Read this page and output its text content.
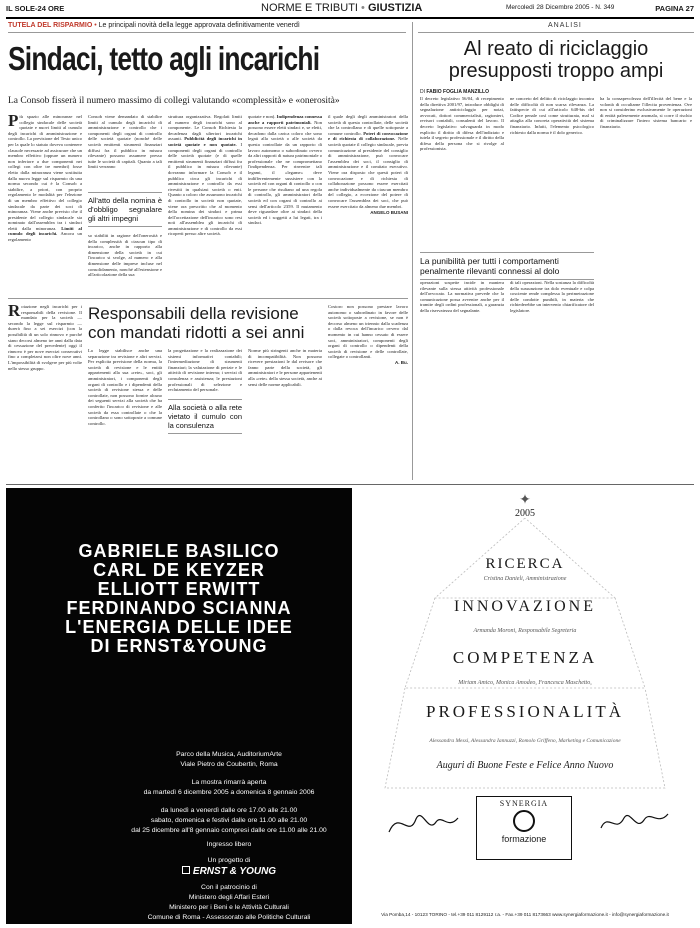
IL SOLE-24 ORE	NORME E TRIBUTI • GIUSTIZIA	Mercoledì 28 Dicembre 2005 - N. 349	PAGINA 27
TUTELA DEL RISPARMIO • Le principali novità della legge approvata definitivamente venerdì
Sindaci, tetto agli incarichi
La Consob fisserà il numero massimo di collegi valutando «complessità» e «onerosità»
Più spazio alle minoranze nel collegio sindacale delle società quotate e nuovi limiti al cumulo degli incarichi di amministrazione e controllo. La previsione del Testo unico per la quale lo statuto doveva contenere clausole necessarie ad assicurare che un membro effettivo (oppure un numero non inferiore a due componenti nei collegi con oltre tre membri) fosse eletto dalla minoranza viene sostituita dalla nuova legge sul risparmio da una norma secondo cui è la Consob a stabilire, a priori, con proprio regolamento le modalità per l'elezione di un membro effettivo del collegio sindacale da parte dei soci di minoranza. Viene anche previsto che il presidente del collegio sindacale sia nominato dall'assemblea tra i sindaci eletti dalla minoranza. Limiti al cumulo degli incarichi. Ancora un regolamento
Consob viene demandato di stabilire limiti al cumulo degli incarichi di amministrazione e controllo che i componenti degli organi di controllo delle società quotate (nonché delle società emittenti strumenti finanziari diffusi fra il pubblico in misura rilevante) possono assumere presso tutte le società di capitali. Quanto a tali limiti verranno
All'atto della nomina è d'obbligo segnalare gli altri impegni
so stabiliti in ragione dell'onerosità e della complessità di ciascun tipo di incarico, anche in rapporto alla dimensione della società in cui l'incarico si svolge, al numero e alla dimensione delle imprese incluse nel consolidamento, nonché all'estensione e all'articolazione della sua
struttura organizzativa. Regolati limiti al numero degli incarichi sono al componente. Le Consob Richiesta la decadenza dagli ulteriori incarichi assunti. Pubblicità degli incarichi in società quotate e non quotate. I componenti degli organi di controllo delle società quotate (e di quelle emittenti strumenti finanziari diffusi fra il pubblico in misura rilevante) dovranno informare la Consob e il pubblico circa gli incarichi di amministrazione e controllo da essi rivestiti in qualsiasi società o enti. Quanto a coloro che assumono incarichi di controllo in società non quotate, viene ora prescritto che al momento della nomina dei sindaci e prima dell'accettazione dell'incarico sono resi noti all'assemblea gli incarichi di amministrazione e di controllo da essi ricoperti presso altre società.
quotate e non). Indipendenza connessa anche a rapporti patrimoniali. Non possono essere eletti sindaci e, se eletti, decadono dalla carica coloro che sono legati alla società o alle società da questa controllate da un rapporto di lavoro autonomo o subordinato ovvero da altri rapporti di natura patrimoniale o professionale che ne compromettano l'indipendenza. Per rinvenire tali legami, il «legame» deve indifferentemente sussistere con la società ed con organi di controllo o con le persone che risultano ad una regola di controllo, gli amministratori della società ed con organi di controllo ai sensi dell'articolo 2359. Il mutamento deve riguardare oltre ai sindaci della società ed i soggetti a lui legati, tra i sindaci.
il quale degli degli amministratori della società di questa controllate, delle società che la controllano e di quelle sottoposte a comune controllo. Poteri di convocazione e di richiesta di collaborazione. Nelle società quotate il collegio sindacale, previa comunicazione al presidente del consiglio di amministrazione, può convocare l'assemblea dei soci, il consiglio di amministrazione e il comitato esecutivo. Viene ora disposto che questi poteri di convocazione e di richiesta di collaborazione possono essere esercitati anche individualmente da ciascun membro del collegio, a eccezione del potere di convocare l'assemblea dei soci, che può essere esercitato da almeno due membri.
ANGELO BUSANI
Rotazione negli incarichi per i responsabili della revisione. Il mandato per la società — secondo la legge sul risparmio — durerà fino a sei esercizi (con la possibilità di un solo rinnovo e purché siano decorsi almeno tre anni dalla data di cessazione del precedente) oggi il rinnovo è per nove esercizi consecutivi fino a completarsi non oltre nove anni. L'impossibilità di svolgere per più volte nello stesso gruppo.
Responsabili della revisione con mandati ridotti a sei anni
La legge stabilisce anche una separazione tra revisione e altri servizi. Per esplicita previsione della norma, la società di revisione e le entità appartenenti alla sua «rete», soci, gli amministratori, i componenti degli organi di controllo e i dipendenti della società di revisione stessa e delle controllate, non possono fornire alcuno dei seguenti servizi alla società che ha conferito l'incarico di revisione e alle società da essa controllate o che la controllano o sono sottoposte a comune controllo.
la progettazione e la realizzazione dei sistemi informativi contabili; l'intermediazione di strumenti finanziari; la valutazione di perizie e le attività di revisione interna; i servizi di consulenza e assistenza; le prestazioni professionali di selezione e reclutamento del personale.
Alla società o alla rete vietato il cumulo con la consulenza
Norme più stringenti anche in materia di incompatibilità. Non possono ricevere prestazioni le dal revisore che fanno parte della società, gli amministratori e le persone appartenenti alla «rete» della stessa società, anche ai sensi delle norme applicabili.
Costoro non possono prestare lavoro autonomo o subordinato in favore delle società sottoposte a revisione, se non è decorso almeno un triennio dalla scadenza o dalla revoca dell'incarico ovvero dal momento in cui hanno cessato di essere soci, amministratori, componenti degli organi di controllo o dipendenti della società di revisione e delle controllate, collegate o controllanti.
A. Bu.
ANALISI
Al reato di riciclaggio presupposti troppo ampi
DI FABIO FOGLIA MANZILLO
Il decreto legislativo 56/04, di recepimento della direttiva 2001/97, introduce obblighi di segnalazione antiriciclaggio per notai, avvocati, dottori commercialisti, ragionieri, revisori contabili, consulenti del lavoro. Il decreto legislativo salvaguarda in modo esplicito il diritto di difesa dell'indiziato e tutela il segreto professionale e il diritto della difesa della persona che si rivolge al professionista.
ne concreto del delitto di riciclaggio incontra delle difficoltà di non scarsa rilevanza. La fattispecie di cui all'articolo 648-bis del Codice penale così come strutturata, mal si attaglia alla concreta operatività del sistema finanziario. Infatti, l'elemento psicologico richiesto dalla norma è il dolo generico.
ha la consapevolezza dell'illecità del bene e la volontà di occultarne l'illecita provenienza. Ove non si considerino esclusivamente le operazioni di entità palesemente anomala, si corre il rischio di criminalizzare l'intero sistema bancario e finanziario.
La punibilità per tutti i comportamenti penalmente rilevanti connessi al dolo
operazioni sospette incide in maniera rilevante sulla stessa attività professionale dell'avvocato. La normativa prevede che la comunicazione possa avvenire anche per il tramite degli ordini professionali, a garanzia della riservatezza del segnalante.
di tali operazioni. Nella sostanza la difficoltà della sussunzione tra dolo eventuale e colpa cosciente rende complessa la perimetrazione delle condotte punibili, in materia che richiederebbe un intervento chiarificatore del legislatore.
GABRIELE BASILICO
CARL DE KEYZER
ELLIOTT ERWITT
FERDINANDO SCIANNA
L'ENERGIA DELLE IDEE
DI ERNST&YOUNG
Parco della Musica, AuditoriumArte
Viale Pietro de Coubertin, Roma
La mostra rimarrà aperta
da martedì 6 dicembre 2005 a domenica 8 gennaio 2006
da lunedì a venerdì dalle ore 17.00 alle 21.00
sabato, domenica e festivi dalle ore 11.00 alle 21.00
dal 25 dicembre all'8 gennaio compresi dalle ore 11.00 alle 21.00
Ingresso libero
Un progetto di
ERNST & YOUNG
Con il patrocinio di
Ministero degli Affari Esteri
Ministero per i Beni e le Attività Culturali
Comune di Roma - Assessorato alle Politiche Culturali
✦
2005
RICERCA
Cristina Danieli, Amministrazione
INNOVAZIONE
Armanda Moroni, Responsabile Segreteria
COMPETENZA
Miriam Amico, Monica Amodeo, Francesca Maschetto,
PROFESSIONALITÀ
Alessandra Messi, Alessandra Iannuzzi, Romolo Griffeno, Marketing e Comunicazione
Auguri di Buone Feste e Felice Anno Nuovo
SYNERGIA
formazione
Via Pomba,14 - 10123 TORINO - tel.+39 011 8129112 r.a. - Fax.+39 011 8173663 www.synergiaformazione.it - info@synergiaformazione.it
